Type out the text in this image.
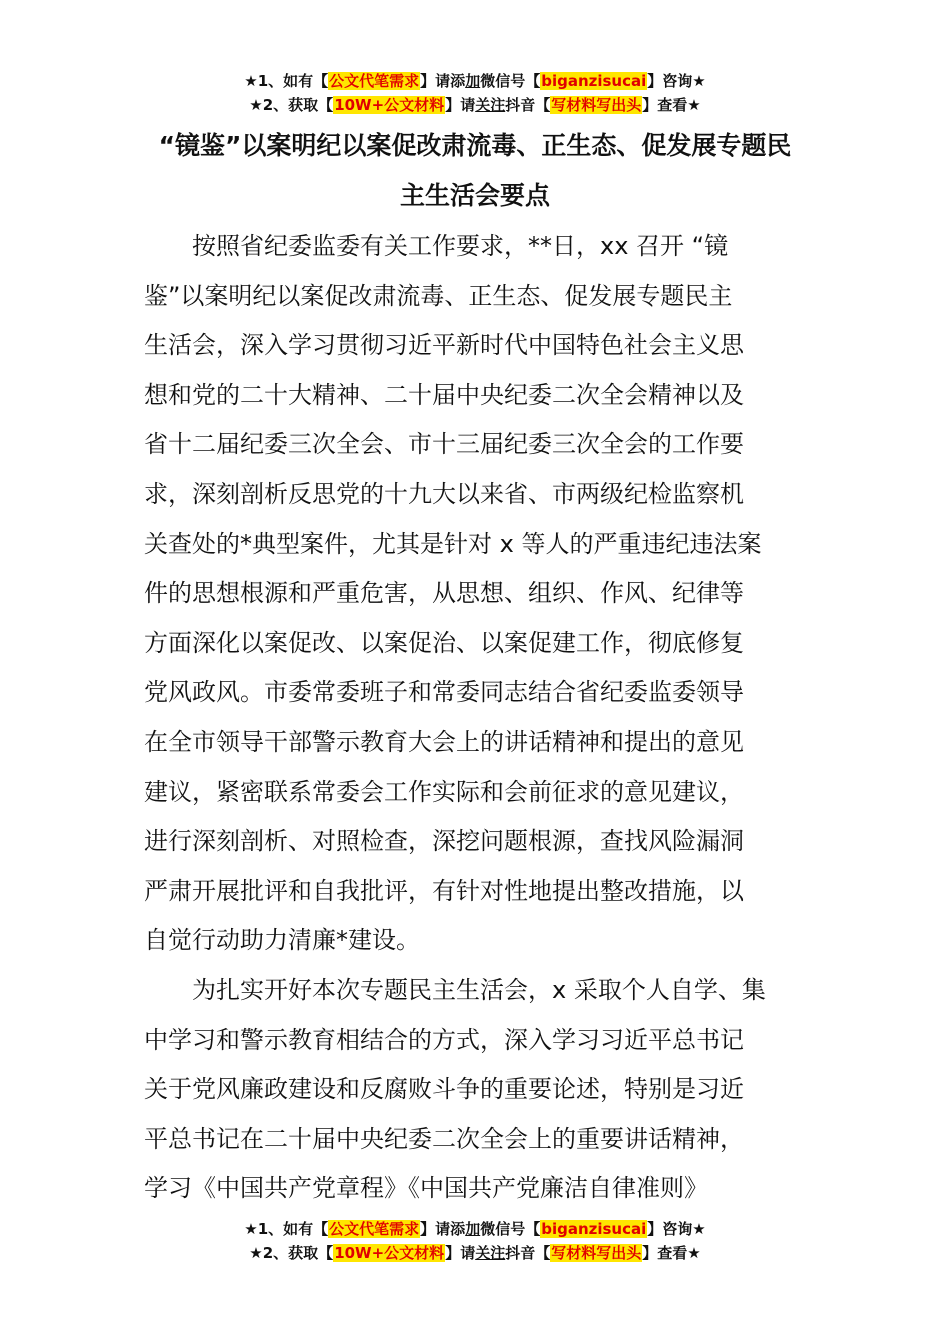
★1、如有【公文代笔需求】请添加微信号【biganzisucai】咨询★
★2、获取【10W+公文材料】请关注抖音【写材料写出头】查看★
“镜鉴”以案明纪以案促改肃流毒、正生态、促发展专题民
主生活会要点
按照省纪委监委有关工作要求，**日，xx 召开 “镜
鉴”以案明纪以案促改肃流毒、正生态、促发展专题民主
生活会，深入学习贯彻习近平新时代中国特色社会主义思
想和党的二十大精神、二十届中央纪委二次全会精神以及
省十二届纪委三次全会、市十三届纪委三次全会的工作要
求，深刻剖析反思党的十九大以来省、市两级纪检监察机
关查处的*典型案件，尤其是针对 x 等人的严重违纪违法案
件的思想根源和严重危害，从思想、组织、作风、纪律等
方面深化以案促改、以案促治、以案促建工作，彻底修复
党风政风。市委常委班子和常委同志结合省纪委监委领导
在全市领导干部警示教育大会上的讲话精神和提出的意见
建议，紧密联系常委会工作实际和会前征求的意见建议，
进行深刻剖析、对照检查，深挖问题根源，查找风险漏洞
严肃开展批评和自我批评，有针对性地提出整改措施，以
自觉行动助力清廉*建设。
为扎实开好本次专题民主生活会，x 采取个人自学、集
中学习和警示教育相结合的方式，深入学习习近平总书记
关于党风廉政建设和反腐败斗争的重要论述，特别是习近
平总书记在二十届中央纪委二次全会上的重要讲话精神，
学习《中国共产党章程》《中国共产党廉洁自律准则》
★1、如有【公文代笔需求】请添加微信号【biganzisucai】咨询★
★2、获取【10W+公文材料】请关注抖音【写材料写出头】查看★
